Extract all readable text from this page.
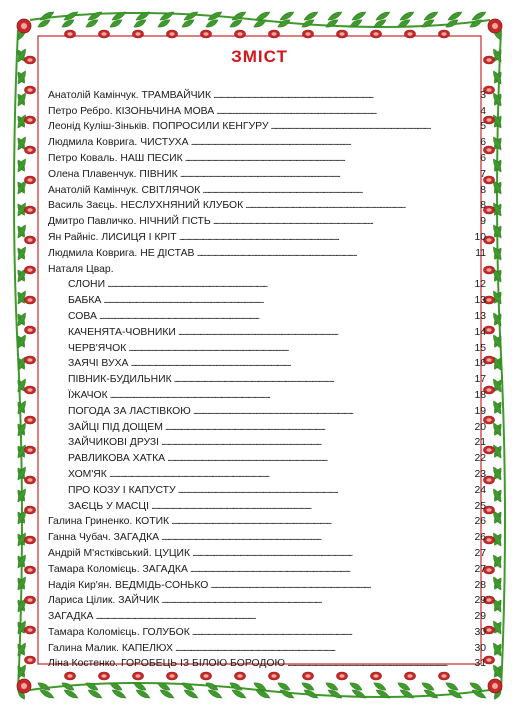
ЗМІСТ
Анатолій Камінчук. ТРАМВАЙЧИК . . .	3
Петро Ребро. КІЗОНЬЧИНА МОВА . . .	4
Леонід Куліш-Зіньків. ПОПРОСИЛИ КЕНГУРУ . . .	5
Людмила Коврига. ЧИСТУХА . . .	6
Петро Коваль. НАШ ПЕСИК . . .	6
Олена Плавенчук. ПІВНИК . . .	7
Анатолій Камінчук. СВІТЛЯЧОК . . .	8
Василь Заєць. НЕСЛУХНЯНИЙ КЛУБОК . . .	8
Дмитро Павличко. НІЧНИЙ ГІСТЬ . . .	9
Ян Райніс. ЛИСИЦЯ І КРІТ . . .	10
Людмила Коврига. НЕ ДІСТАВ . . .	11
Наталя Цвар.
СЛОНИ . . .	12
БАБКА . . .	13
СОВА . . .	13
КАЧЕНЯТА-ЧОВНИКИ . . .	14
ЧЕРВ'ЯЧОК . . .	15
ЗАЯЧІ ВУХА . . .	16
ПІВНИК-БУДИЛЬНИК . . .	17
ЇЖАЧОК . . .	18
ПОГОДА ЗА ЛАСТІВКОЮ . . .	19
ЗАЙЦІ ПІД ДОЩЕМ . . .	20
ЗАЙЧИКОВІ ДРУЗІ . . .	21
РАВЛИКОВА ХАТКА . . .	22
ХОМ'ЯК . . .	23
ПРО КОЗУ І КАПУСТУ . . .	24
ЗАЄЦЬ У МАСЦІ . . .	25
Галина Гриненко. КОТИК . . .	26
Ганна Чубач. ЗАГАДКА . . .	26
Андрій М'ястківський. ЦУЦИК . . .	27
Тамара Коломієць. ЗАГАДКА . . .	27
Надія Кир'ян. ВЕДМІДЬ-СОНЬКО . . .	28
Лариса Цілик. ЗАЙЧИК . . .	29
ЗАГАДКА . . .	29
Тамара Коломієць. ГОЛУБОК . . .	30
Галина Малик. КАПЕЛЮХ . . .	30
Ліна Костенко. ГОРОБЕЦЬ ІЗ БІЛОЮ БОРОДОЮ . . .	31
